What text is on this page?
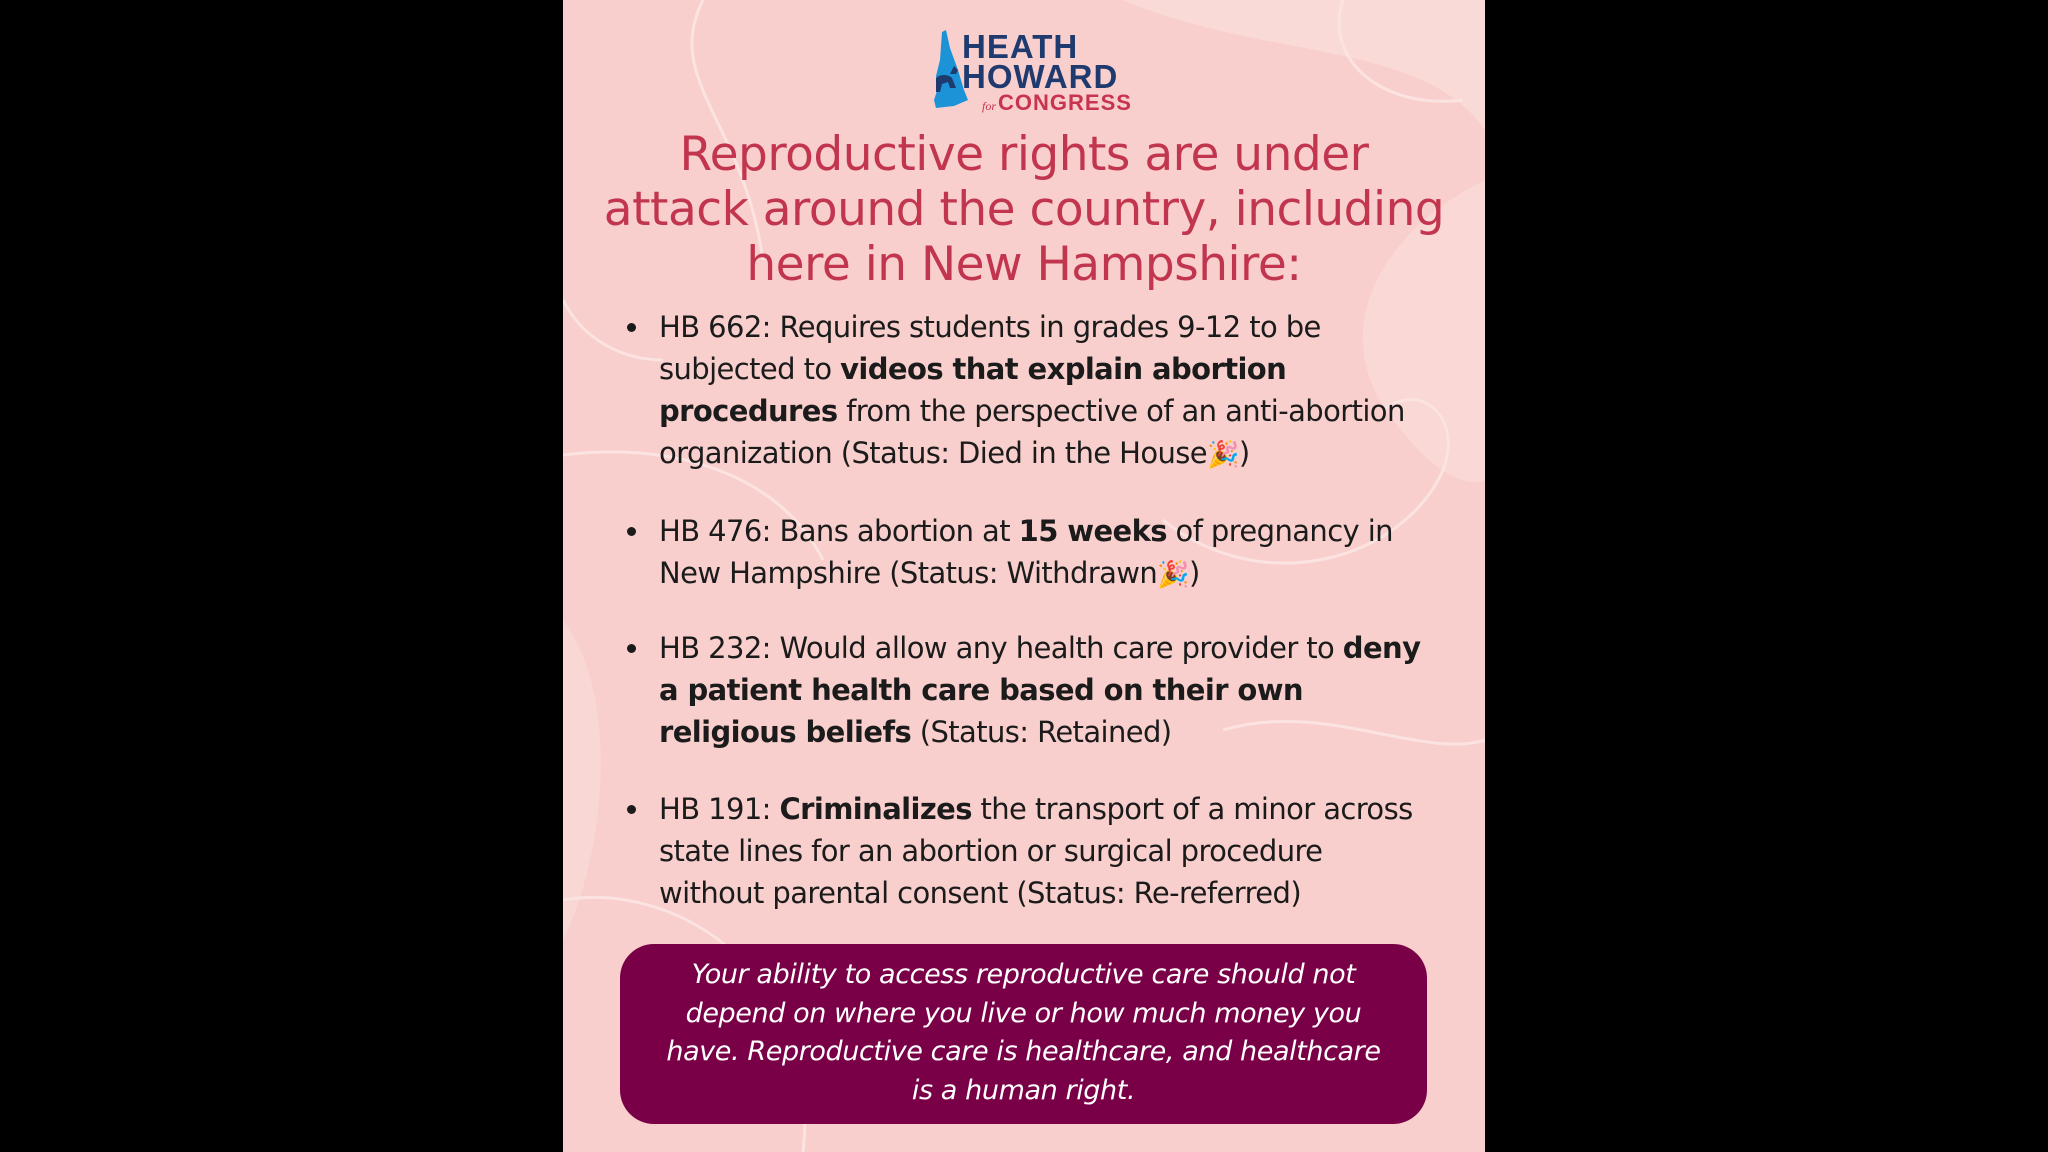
HEATH
HOWARD
forCONGRESS
Reproductive rights are under attack around the country, including here in New Hampshire:
HB 662: Requires students in grades 9-12 to be subjected to videos that explain abortion procedures from the perspective of an anti-abortion organization (Status: Died in the House🎉)
HB 476: Bans abortion at 15 weeks of pregnancy in New Hampshire (Status: Withdrawn🎉)
HB 232: Would allow any health care provider to deny a patient health care based on their own religious beliefs (Status: Retained)
HB 191: Criminalizes the transport of a minor across state lines for an abortion or surgical procedure without parental consent (Status: Re-referred)
Your ability to access reproductive care should not depend on where you live or how much money you have. Reproductive care is healthcare, and healthcare is a human right.
